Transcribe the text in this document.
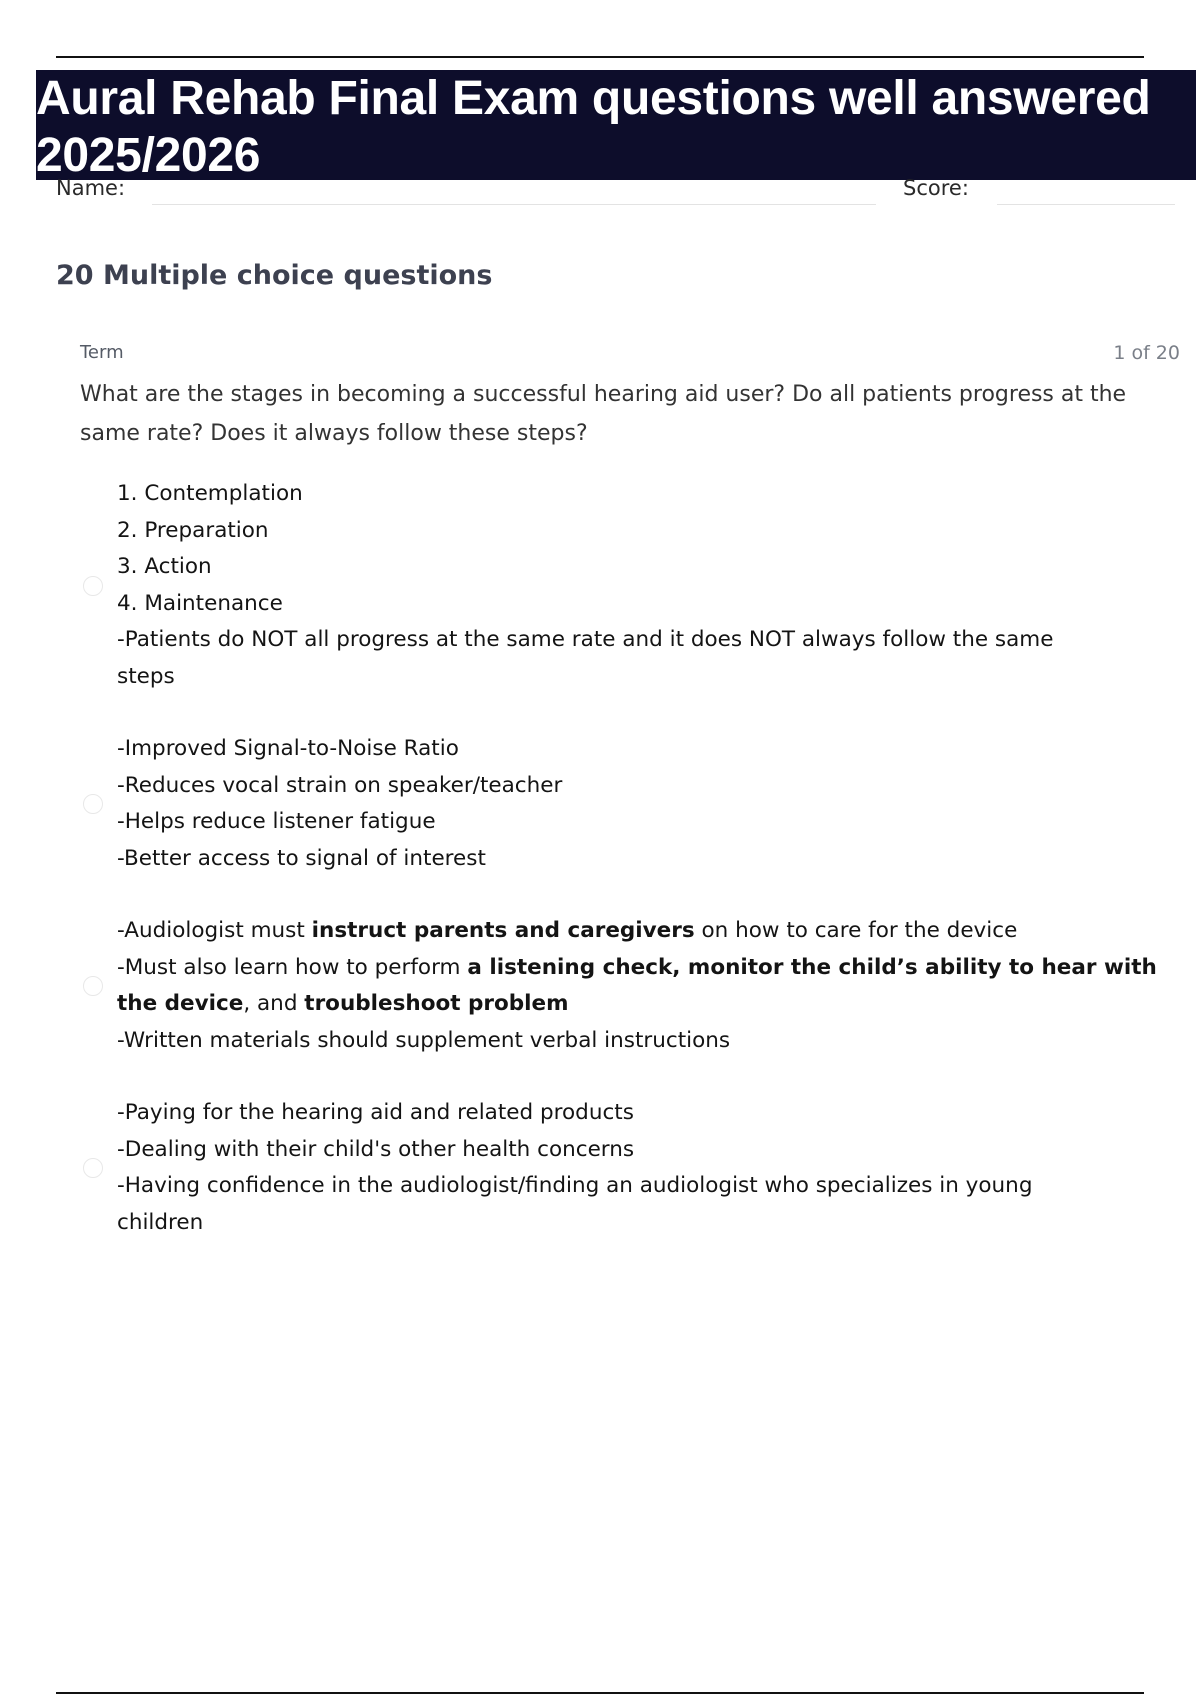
Aural Rehab Final Exam questions well answered 2025/2026
Name:	Score:
20 Multiple choice questions
Term	1 of 20

What are the stages in becoming a successful hearing aid user? Do all patients progress at the same rate? Does it always follow these steps?

1. Contemplation
2. Preparation
3. Action
4. Maintenance
-Patients do NOT all progress at the same rate and it does NOT always follow the same
steps
-Improved Signal-to-Noise Ratio
-Reduces vocal strain on speaker/teacher
-Helps reduce listener fatigue
-Better access to signal of interest
-Audiologist must instruct parents and caregivers on how to care for the device
-Must also learn how to perform a listening check, monitor the child’s ability to hear with
the device, and troubleshoot problem
-Written materials should supplement verbal instructions
-Paying for the hearing aid and related products
-Dealing with their child's other health concerns
-Having confidence in the audiologist/finding an audiologist who specializes in young
children
